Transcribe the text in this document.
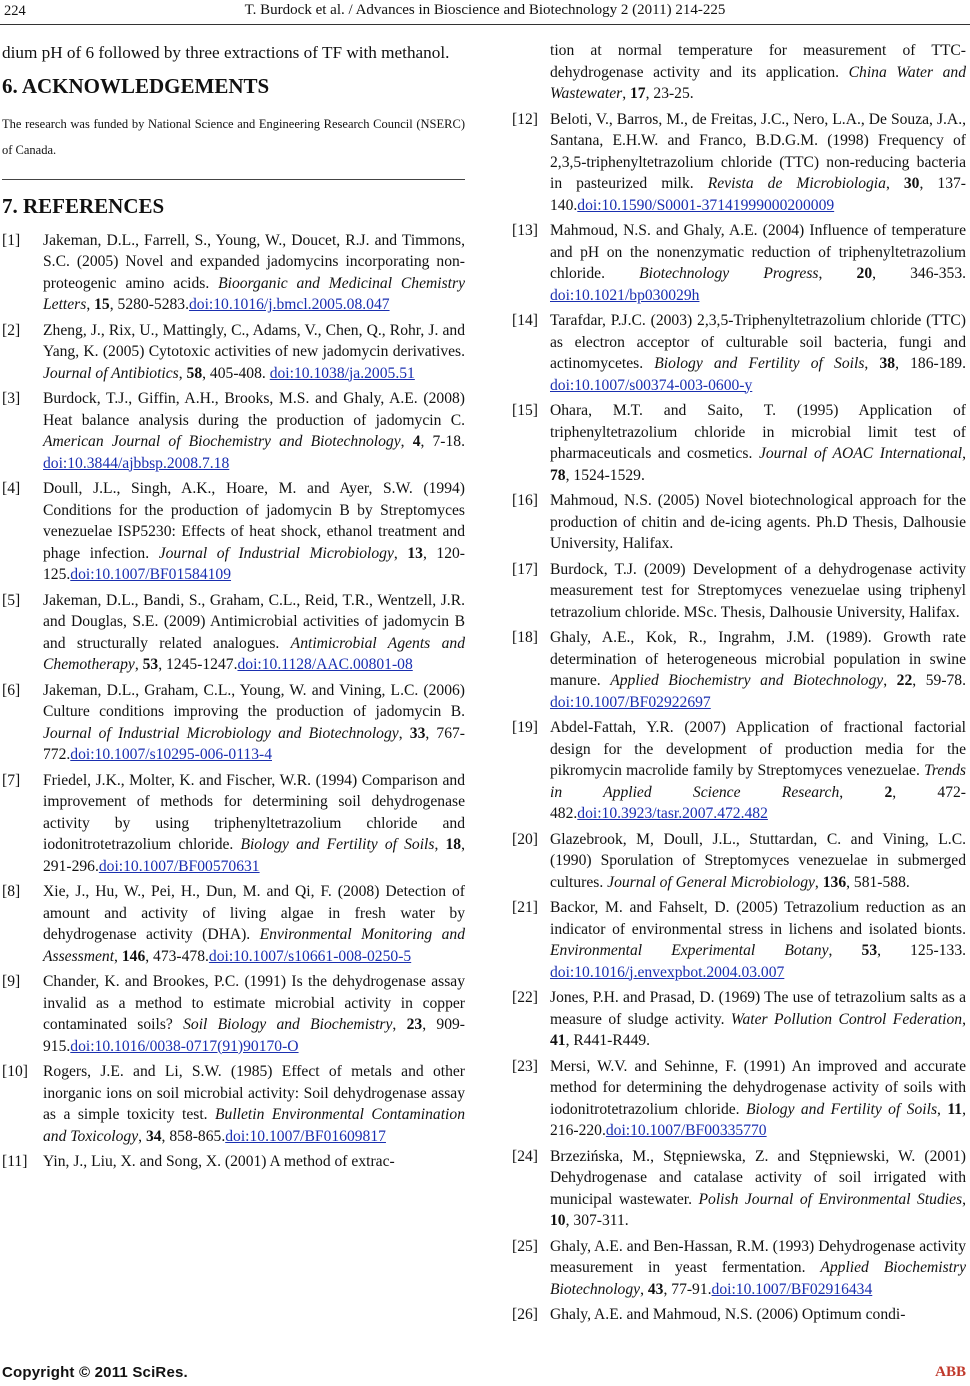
224	T. Burdock et al. / Advances in Bioscience and Biotechnology 2 (2011) 214-225

dium pH of 6 followed by three extractions of TF with methanol.

6. ACKNOWLEDGEMENTS

The research was funded by National Science and Engineering Research Council (NSERC) of Canada.

7. REFERENCES
[1] Jakeman, D.L., Farrell, S., Young, W., Doucet, R.J. and Timmons, S.C. (2005) Novel and expanded jadomycins incorporating non-proteogenic amino acids. Bioorganic and Medicinal Chemistry Letters, 15, 5280-5283.doi:10.1016/j.bmcl.2005.08.047
[2] Zheng, J., Rix, U., Mattingly, C., Adams, V., Chen, Q., Rohr, J. and Yang, K. (2005) Cytotoxic activities of new jadomycin derivatives. Journal of Antibiotics, 58, 405-408. doi:10.1038/ja.2005.51
[3] Burdock, T.J., Giffin, A.H., Brooks, M.S. and Ghaly, A.E. (2008) Heat balance analysis during the production of jadomycin C. American Journal of Biochemistry and Biotechnology, 4, 7-18. doi:10.3844/ajbbsp.2008.7.18
[4] Doull, J.L., Singh, A.K., Hoare, M. and Ayer, S.W. (1994) Conditions for the production of jadomycin B by Streptomyces venezuelae ISP5230: Effects of heat shock, ethanol treatment and phage infection. Journal of Industrial Microbiology, 13, 120-125.doi:10.1007/BF01584109
[5] Jakeman, D.L., Bandi, S., Graham, C.L., Reid, T.R., Wentzell, J.R. and Douglas, S.E. (2009) Antimicrobial activities of jadomycin B and structurally related analogues. Antimicrobial Agents and Chemotherapy, 53, 1245-1247.doi:10.1128/AAC.00801-08
[6] Jakeman, D.L., Graham, C.L., Young, W. and Vining, L.C. (2006) Culture conditions improving the production of jadomycin B. Journal of Industrial Microbiology and Biotechnology, 33, 767-772.doi:10.1007/s10295-006-0113-4
[7] Friedel, J.K., Molter, K. and Fischer, W.R. (1994) Comparison and improvement of methods for determining soil dehydrogenase activity by using triphenyltetrazolium chloride and iodonitrotetrazolium chloride. Biology and Fertility of Soils, 18, 291-296.doi:10.1007/BF00570631
[8] Xie, J., Hu, W., Pei, H., Dun, M. and Qi, F. (2008) Detection of amount and activity of living algae in fresh water by dehydrogenase activity (DHA). Environmental Monitoring and Assessment, 146, 473-478.doi:10.1007/s10661-008-0250-5
[9] Chander, K. and Brookes, P.C. (1991) Is the dehydrogenase assay invalid as a method to estimate microbial activity in copper contaminated soils? Soil Biology and Biochemistry, 23, 909-915.doi:10.1016/0038-0717(91)90170-O
[10] Rogers, J.E. and Li, S.W. (1985) Effect of metals and other inorganic ions on soil microbial activity: Soil dehydrogenase assay as a simple toxicity test. Bulletin Environmental Contamination and Toxicology, 34, 858-865.doi:10.1007/BF01609817
[11] Yin, J., Liu, X. and Song, X. (2001) A method of extrac-
tion at normal temperature for measurement of TTC-dehydrogenase activity and its application. China Water and Wastewater, 17, 23-25.
[12] Beloti, V., Barros, M., de Freitas, J.C., Nero, L.A., De Souza, J.A., Santana, E.H.W. and Franco, B.D.G.M. (1998) Frequency of 2,3,5-triphenyltetrazolium chloride (TTC) non-reducing bacteria in pasteurized milk. Revista de Microbiologia, 30, 137-140.doi:10.1590/S0001-37141999000200009
[13] Mahmoud, N.S. and Ghaly, A.E. (2004) Influence of temperature and pH on the nonenzymatic reduction of triphenyltetrazolium chloride. Biotechnology Progress, 20, 346-353. doi:10.1021/bp030029h
[14] Tarafdar, P.J.C. (2003) 2,3,5-Triphenyltetrazolium chloride (TTC) as electron acceptor of culturable soil bacteria, fungi and actinomycetes. Biology and Fertility of Soils, 38, 186-189. doi:10.1007/s00374-003-0600-y
[15] Ohara, M.T. and Saito, T. (1995) Application of triphenyltetrazolium chloride in microbial limit test of pharmaceuticals and cosmetics. Journal of AOAC International, 78, 1524-1529.
[16] Mahmoud, N.S. (2005) Novel biotechnological approach for the production of chitin and de-icing agents. Ph.D Thesis, Dalhousie University, Halifax.
[17] Burdock, T.J. (2009) Development of a dehydrogenase activity measurement test for Streptomyces venezuelae using triphenyl tetrazolium chloride. MSc. Thesis, Dalhousie University, Halifax.
[18] Ghaly, A.E., Kok, R., Ingrahm, J.M. (1989). Growth rate determination of heterogeneous microbial population in swine manure. Applied Biochemistry and Biotechnology, 22, 59-78. doi:10.1007/BF02922697
[19] Abdel-Fattah, Y.R. (2007) Application of fractional factorial design for the development of production media for the pikromycin macrolide family by Streptomyces venezuelae. Trends in Applied Science Research, 2, 472-482.doi:10.3923/tasr.2007.472.482
[20] Glazebrook, M, Doull, J.L., Stuttardan, C. and Vining, L.C. (1990) Sporulation of Streptomyces venezuelae in submerged cultures. Journal of General Microbiology, 136, 581-588.
[21] Backor, M. and Fahselt, D. (2005) Tetrazolium reduction as an indicator of environmental stress in lichens and isolated bionts. Environmental Experimental Botany, 53, 125-133. doi:10.1016/j.envexpbot.2004.03.007
[22] Jones, P.H. and Prasad, D. (1969) The use of tetrazolium salts as a measure of sludge activity. Water Pollution Control Federation, 41, R441-R449.
[23] Mersi, W.V. and Sehinne, F. (1991) An improved and accurate method for determining the dehydrogenase activity of soils with iodonitrotetrazolium chloride. Biology and Fertility of Soils, 11, 216-220.doi:10.1007/BF00335770
[24] Brzezińska, M., Stępniewska, Z. and Stępniewski, W. (2001) Dehydrogenase and catalase activity of soil irrigated with municipal wastewater. Polish Journal of Environmental Studies, 10, 307-311.
[25] Ghaly, A.E. and Ben-Hassan, R.M. (1993) Dehydrogenase activity measurement in yeast fermentation. Applied Biochemistry Biotechnology, 43, 77-91.doi:10.1007/BF02916434
[26] Ghaly, A.E. and Mahmoud, N.S. (2006) Optimum condi-
Copyright © 2011 SciRes.	ABB
